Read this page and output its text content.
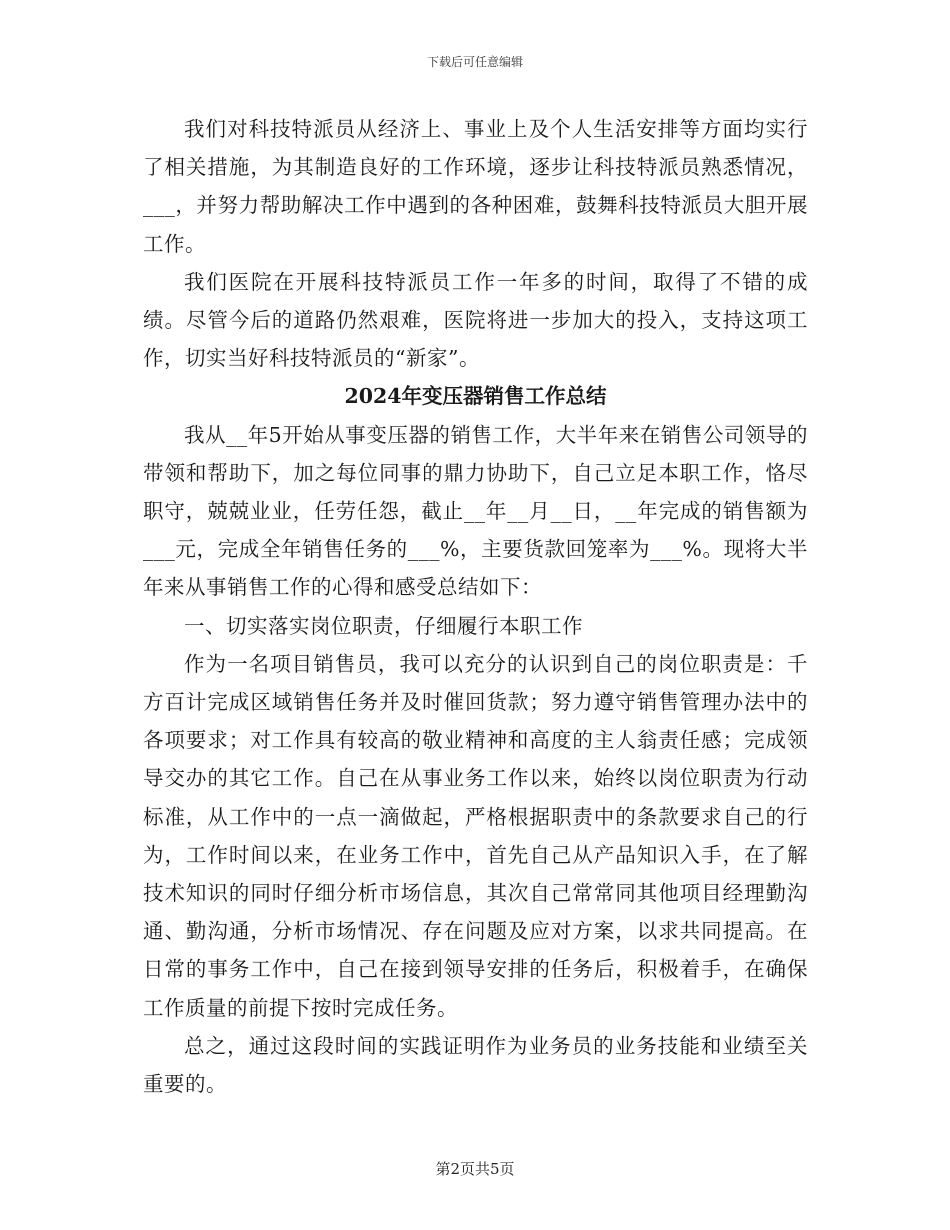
下载后可任意编辑

我们对科技特派员从经济上、事业上及个人生活安排等方面均实行了相关措施，为其制造良好的工作环境，逐步让科技特派员熟悉情况，___，并努力帮助解决工作中遇到的各种困难，鼓舞科技特派员大胆开展工作。

我们医院在开展科技特派员工作一年多的时间，取得了不错的成绩。尽管今后的道路仍然艰难，医院将进一步加大的投入，支持这项工作，切实当好科技特派员的“新家”。

2024年变压器销售工作总结

我从__年5开始从事变压器的销售工作，大半年来在销售公司领导的带领和帮助下，加之每位同事的鼎力协助下，自己立足本职工作，恪尽职守，兢兢业业，任劳任怨，截止__年__月__日，__年完成的销售额为___元，完成全年销售任务的___%，主要货款回笼率为___%。现将大半年来从事销售工作的心得和感受总结如下：

一、切实落实岗位职责，仔细履行本职工作

作为一名项目销售员，我可以充分的认识到自己的岗位职责是：千方百计完成区域销售任务并及时催回货款；努力遵守销售管理办法中的各项要求；对工作具有较高的敬业精神和高度的主人翁责任感；完成领导交办的其它工作。自己在从事业务工作以来，始终以岗位职责为行动标准，从工作中的一点一滴做起，严格根据职责中的条款要求自己的行为，工作时间以来，在业务工作中，首先自己从产品知识入手，在了解技术知识的同时仔细分析市场信息，其次自己常常同其他项目经理勤沟通、勤沟通，分析市场情况、存在问题及应对方案，以求共同提高。在日常的事务工作中，自己在接到领导安排的任务后，积极着手，在确保工作质量的前提下按时完成任务。

总之，通过这段时间的实践证明作为业务员的业务技能和业绩至关重要的。

第2页共5页
